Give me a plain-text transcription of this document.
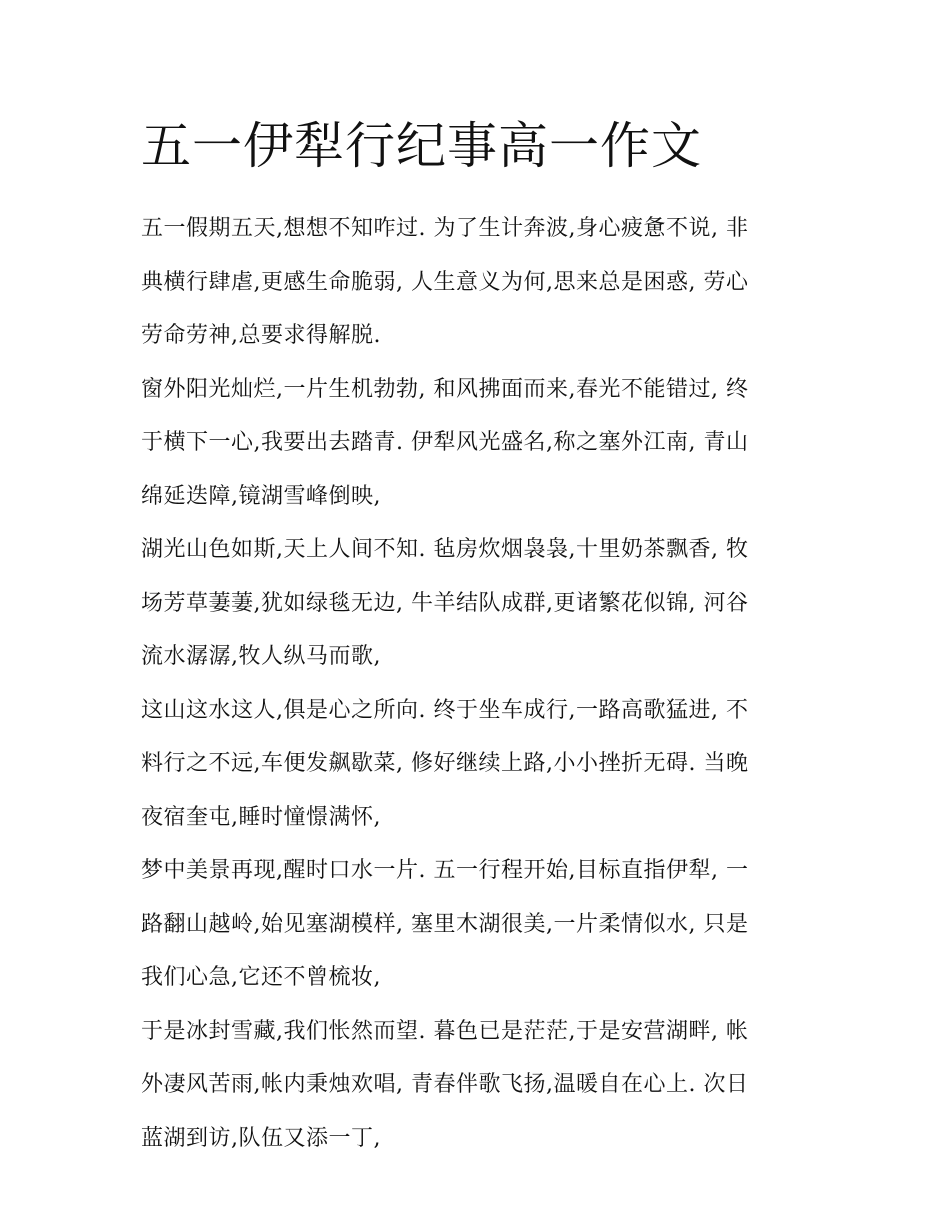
五一伊犁行纪事高一作文

五一假期五天,想想不知咋过. 为了生计奔波,身心疲惫不说, 非
典横行肆虐,更感生命脆弱, 人生意义为何,思来总是困惑, 劳心
劳命劳神,总要求得解脱.

窗外阳光灿烂,一片生机勃勃, 和风拂面而来,春光不能错过, 终
于横下一心,我要出去踏青. 伊犁风光盛名,称之塞外江南, 青山
绵延迭障,镜湖雪峰倒映,

湖光山色如斯,天上人间不知. 毡房炊烟袅袅,十里奶茶飘香, 牧
场芳草萋萋,犹如绿毯无边, 牛羊结队成群,更诸繁花似锦, 河谷
流水潺潺,牧人纵马而歌,

这山这水这人,俱是心之所向. 终于坐车成行,一路高歌猛进, 不
料行之不远,车便发飙歇菜, 修好继续上路,小小挫折无碍. 当晚
夜宿奎屯,睡时憧憬满怀,

梦中美景再现,醒时口水一片. 五一行程开始,目标直指伊犁, 一
路翻山越岭,始见塞湖模样, 塞里木湖很美,一片柔情似水, 只是
我们心急,它还不曾梳妆,

于是冰封雪藏,我们怅然而望. 暮色已是茫茫,于是安营湖畔, 帐
外凄风苦雨,帐内秉烛欢唱, 青春伴歌飞扬,温暖自在心上. 次日
蓝湖到访,队伍又添一丁,
